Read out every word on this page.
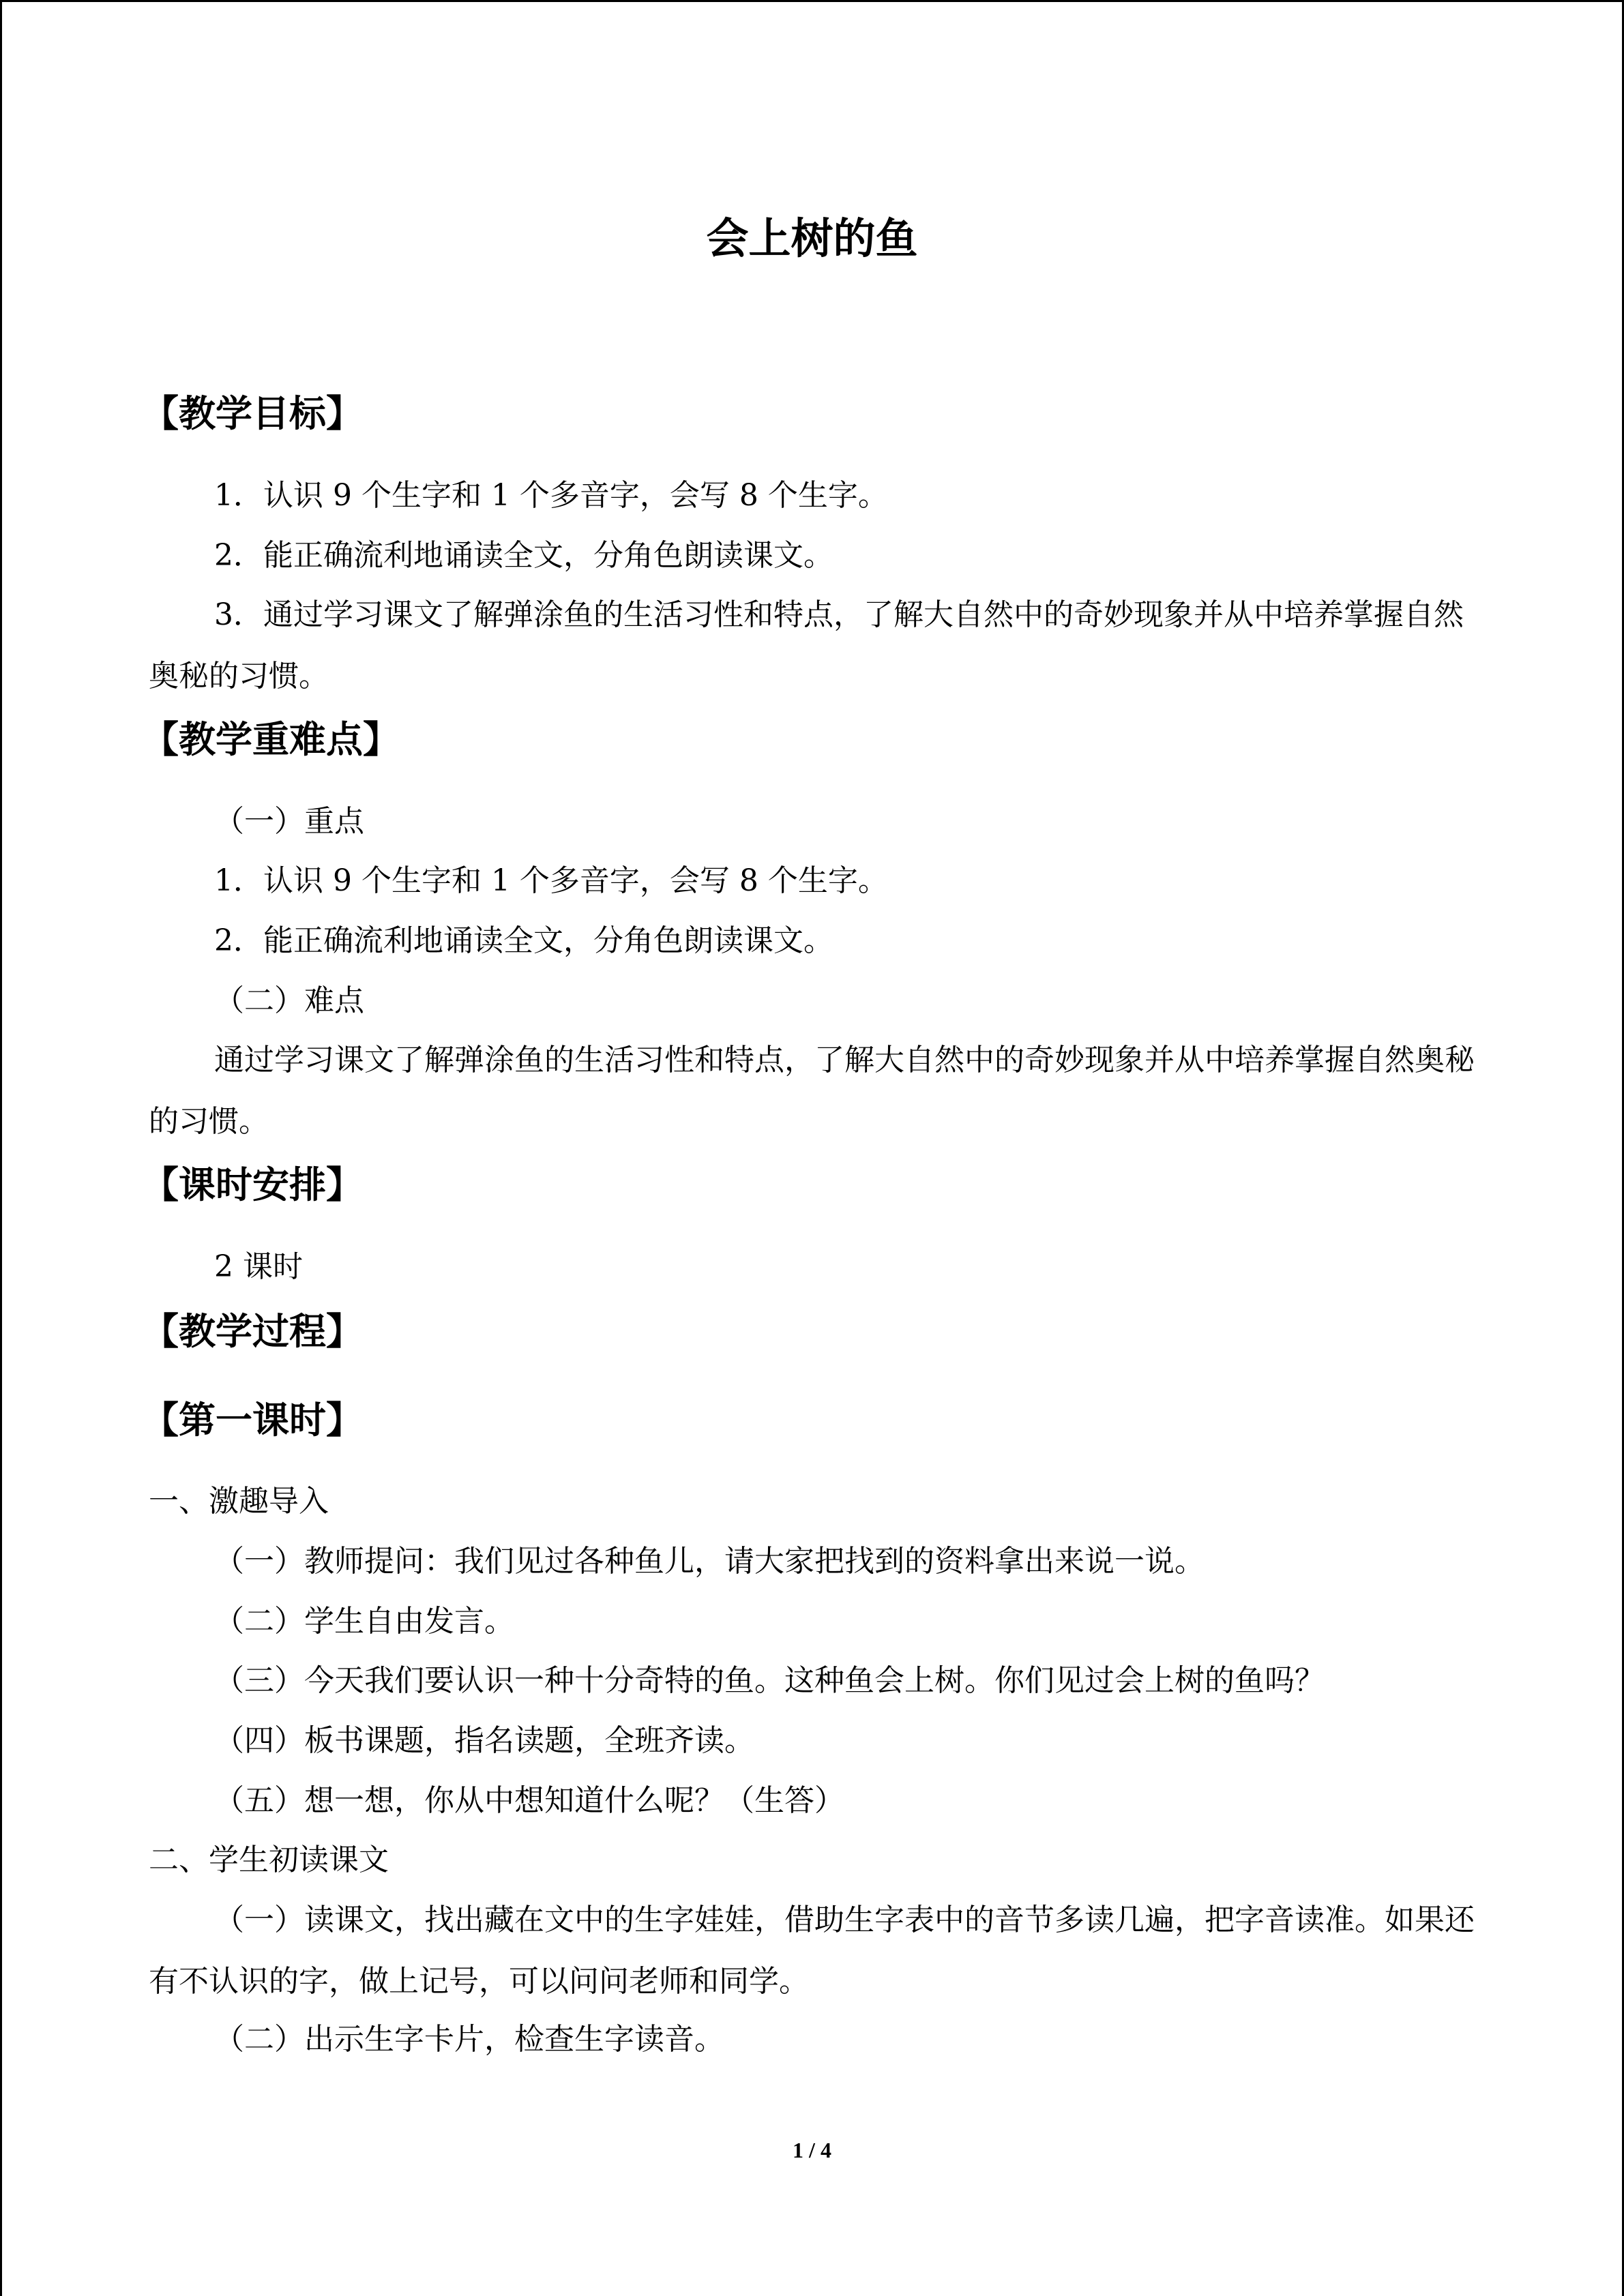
会上树的鱼
【教学目标】
1．认识 9 个生字和 1 个多音字，会写 8 个生字。
2．能正确流利地诵读全文，分角色朗读课文。
3．通过学习课文了解弹涂鱼的生活习性和特点，了解大自然中的奇妙现象并从中培养掌握自然奥秘的习惯。
【教学重难点】
（一）重点
1．认识 9 个生字和 1 个多音字，会写 8 个生字。
2．能正确流利地诵读全文，分角色朗读课文。
（二）难点
通过学习课文了解弹涂鱼的生活习性和特点，了解大自然中的奇妙现象并从中培养掌握自然奥秘的习惯。
【课时安排】
2 课时
【教学过程】
【第一课时】
一、激趣导入
（一）教师提问：我们见过各种鱼儿，请大家把找到的资料拿出来说一说。
（二）学生自由发言。
（三）今天我们要认识一种十分奇特的鱼。这种鱼会上树。你们见过会上树的鱼吗？
（四）板书课题，指名读题，全班齐读。
（五）想一想，你从中想知道什么呢？（生答）
二、学生初读课文
（一）读课文，找出藏在文中的生字娃娃，借助生字表中的音节多读几遍，把字音读准。如果还有不认识的字，做上记号，可以问问老师和同学。
（二）出示生字卡片，检查生字读音。
1 / 4
